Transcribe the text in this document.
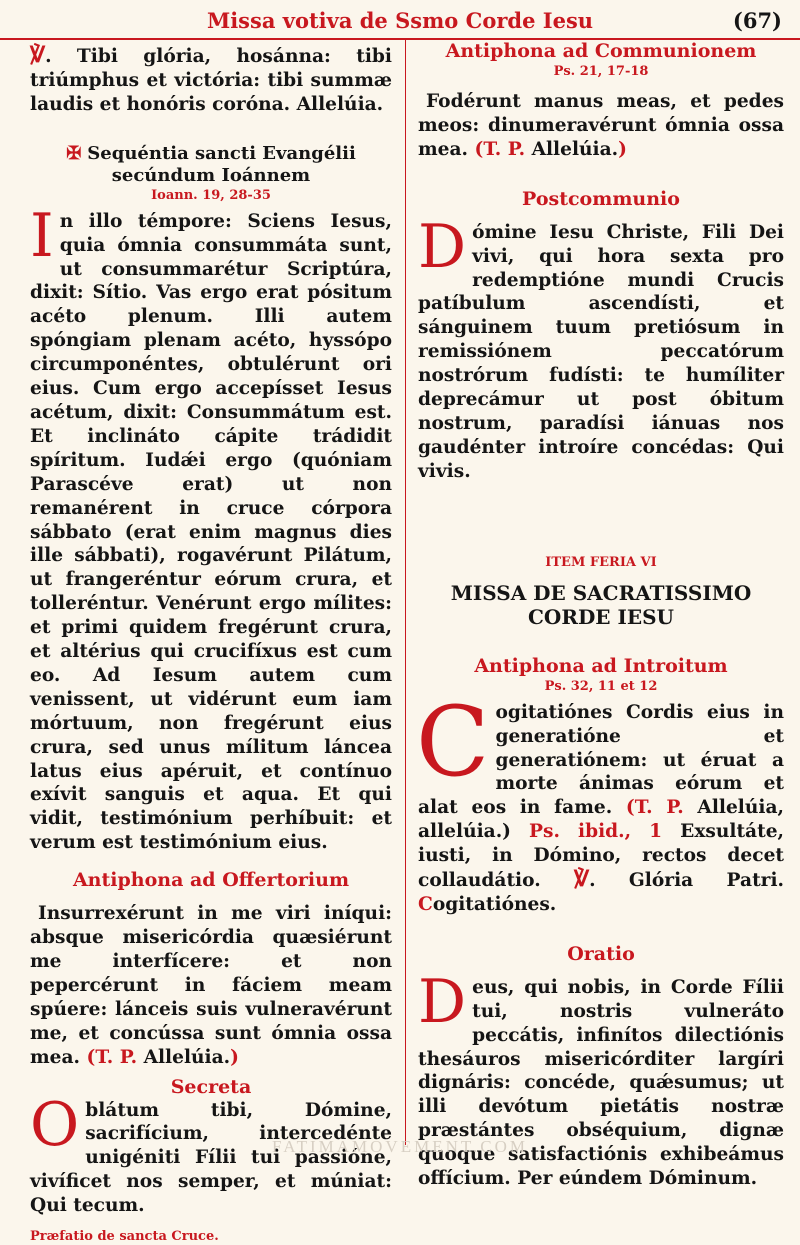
Missa votiva de Ssmo Corde Iesu	(67)

℣. Tibi glória, hosánna: tibi triúmphus et victória: tibi summæ laudis et honóris coróna. Allelúia.

✠ Sequéntia sancti Evangélii
secúndum Ioánnem

Ioann. 19, 28-35

In illo témpore: Sciens Iesus, quia ómnia consummáta sunt, ut consummarétur Scriptúra, dixit: Sítio. Vas ergo erat pósitum acéto plenum. Illi autem spóngiam plenam acéto, hyssópo circumponéntes, obtulérunt ori eius. Cum ergo accepísset Iesus acétum, dixit: Consummátum est. Et inclináto cápite trádidit spíritum. Iudǽi ergo (quóniam Parascéve erat) ut non remanérent in cruce córpora sábbato (erat enim magnus dies ille sábbati), rogavérunt Pilátum, ut frangeréntur eórum crura, et tolleréntur. Venérunt ergo mílites: et primi quidem fregérunt crura, et altérius qui crucifíxus est cum eo. Ad Iesum autem cum venissent, ut vidérunt eum iam mórtuum, non fregérunt eius crura, sed unus mílitum láncea latus eius apéruit, et contínuo exívit sanguis et aqua. Et qui vidit, testimónium perhíbuit: et verum est testimónium eius.

Antiphona ad Offertorium

Insurrexérunt in me viri iníqui: absque misericórdia quæsiérunt me interfícere: et non pepercérunt in fáciem meam spúere: lánceis suis vulneravérunt me, et concússa sunt ómnia ossa mea. (T. P. Allelúia.)

Secreta

Oblátum tibi, Dómine, sacrifícium, intercedénte unigéniti Fílii tui passióne, vivíficet nos semper, et múniat: Qui tecum.

Præfatio de sancta Cruce.

Antiphona ad Communionem

Ps. 21, 17-18

Fodérunt manus meas, et pedes meos: dinumeravérunt ómnia ossa mea. (T. P. Allelúia.)

Postcommunio

Dómine Iesu Christe, Fili Dei vivi, qui hora sexta pro redemptióne mundi Crucis patíbulum ascendísti, et sánguinem tuum pretiósum in remissiónem peccatórum nostrórum fudísti: te humíliter deprecámur ut post óbitum nostrum, paradísi iánuas nos gaudénter introíre concédas: Qui vivis.

ITEM FERIA VI

MISSA DE SACRATISSIMO
CORDE IESU

Antiphona ad Introitum

Ps. 32, 11 et 12

Cogitatiónes Cordis eius in generatióne et generatiónem: ut éruat a morte ánimas eórum et alat eos in fame. (T. P. Allelúia, allelúia.) Ps. ibid., 1 Exsultáte, iusti, in Dómino, rectos decet collaudátio. ℣. Glória Patri. Cogitatiónes.

Oratio

Deus, qui nobis, in Corde Fílii tui, nostris vulneráto peccátis, infinítos dilectiónis thesáuros misericórditer largíri dignáris: concéde, quǽsumus; ut illi devótum pietátis nostræ præstántes obséquium, dignæ quoque satisfactiónis exhibeámus offícium. Per eúndem Dóminum.

FATIMAMOVEMENT.COM
